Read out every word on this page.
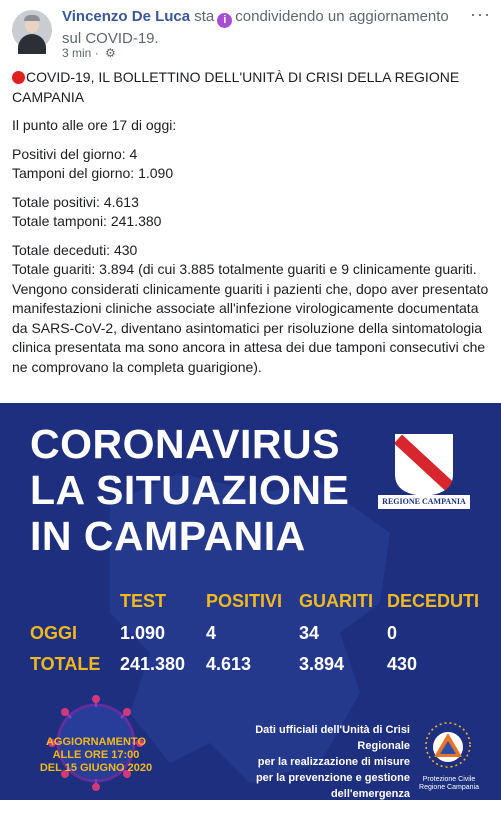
Vincenzo De Luca sta i condividendo un aggiornamento
sul COVID-19.
3 min · ⚙
···

COVID-19, IL BOLLETTINO DELL'UNITÀ DI CRISI DELLA REGIONE CAMPANIA

Il punto alle ore 17 di oggi:

Positivi del giorno: 4

Tamponi del giorno: 1.090

Totale positivi: 4.613

Totale tamponi: 241.380

Totale deceduti: 430

Totale guariti: 3.894 (di cui 3.885 totalmente guariti e 9 clinicamente guariti. Vengono considerati clinicamente guariti i pazienti che, dopo aver presentato manifestazioni cliniche associate all'infezione virologicamente documentata da SARS-CoV-2, diventano asintomatici per risoluzione della sintomatologia clinica presentata ma sono ancora in attesa dei due tamponi consecutivi che ne comprovano la completa guarigione).

CORONAVIRUS
LA SITUAZIONE
IN CAMPANIA
REGIONE CAMPANIA
TEST POSITIVI GUARITI DECEDUTI
OGGI 1.090 4	34	0
TOTALE 241.380 4.613	3.894 430
AGGIORNAMENTO
ALLE ORE 17:00
DEL 15 GIUGNO 2020
Dati ufficiali dell'Unità di Crisi Regionale
per la realizzazione di misure
per la prevenzione e gestione dell'emergenza
epidemiologica da COVID-19
Protezione Civile
Regione Campania
